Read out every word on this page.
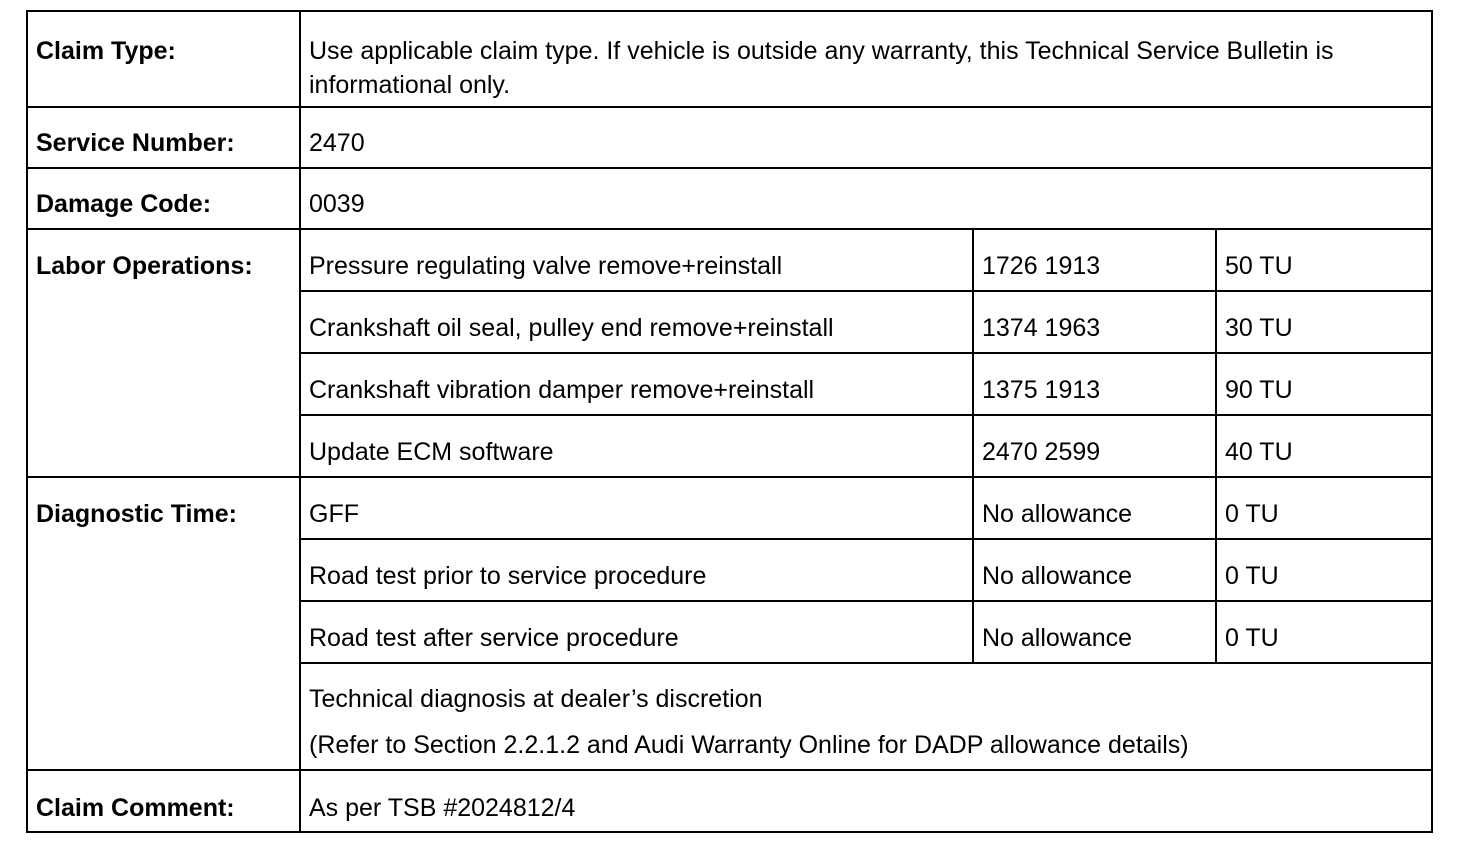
Claim Type:	Use applicable claim type. If vehicle is outside any warranty, this Technical Service Bulletin is informational only.		
Service Number:	2470		
Damage Code:	0039		
Labor Operations:	Pressure regulating valve remove+reinstall	1726 1913	50 TU
	Crankshaft oil seal, pulley end remove+reinstall	1374 1963	30 TU
	Crankshaft vibration damper remove+reinstall	1375 1913	90 TU
	Update ECM software	2470 2599	40 TU
Diagnostic Time:	GFF	No allowance	0 TU
	Road test prior to service procedure	No allowance	0 TU
	Road test after service procedure	No allowance	0 TU

	Technical diagnosis at dealer’s discretion
(Refer to Section 2.2.1.2 and Audi Warranty Online for DADP allowance details)		

Claim Comment:	As per TSB #2024812/4		
